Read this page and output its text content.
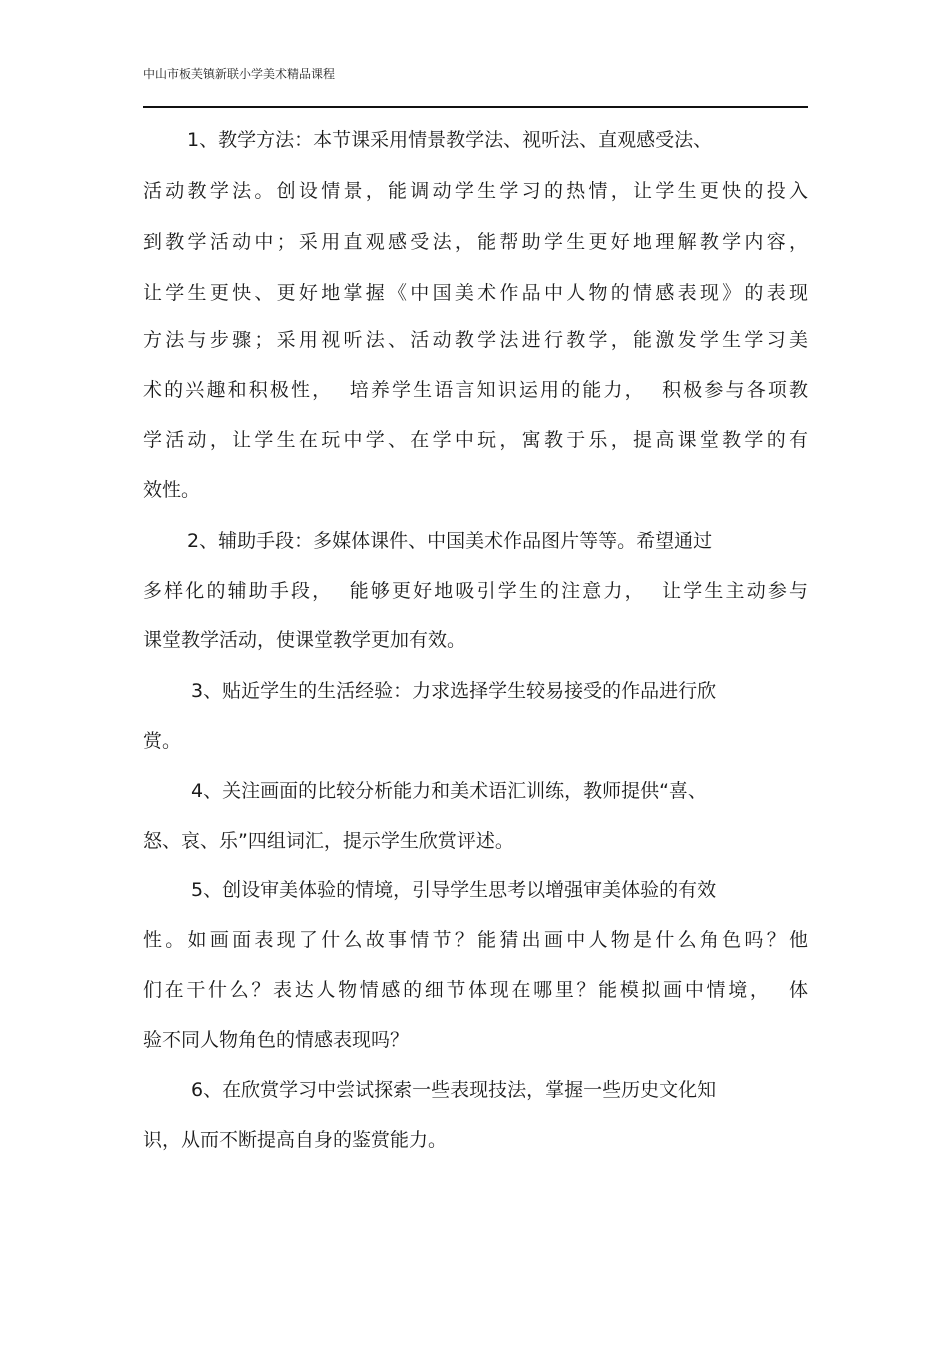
中山市板芙镇新联小学美术精品课程
1、教学方法：本节课采用情景教学法、视听法、直观感受法、
活动教学法。创设情景，能调动学生学习的热情，让学生更快的投入
到教学活动中；采用直观感受法，能帮助学生更好地理解教学内容，
让学生更快、更好地掌握《中国美术作品中人物的情感表现》的表现
方法与步骤；采用视听法、活动教学法进行教学，能激发学生学习美
术的兴趣和积极性，  培养学生语言知识运用的能力，  积极参与各项教
学活动，让学生在玩中学、在学中玩，寓教于乐，提高课堂教学的有
效性。
2、辅助手段：多媒体课件、中国美术作品图片等等。希望通过
多样化的辅助手段，  能够更好地吸引学生的注意力，  让学生主动参与
课堂教学活动，使课堂教学更加有效。
3、贴近学生的生活经验：力求选择学生较易接受的作品进行欣
赏。
4、关注画面的比较分析能力和美术语汇训练，教师提供“喜、
怒、哀、乐”四组词汇，提示学生欣赏评述。
5、创设审美体验的情境，引导学生思考以增强审美体验的有效
性。如画面表现了什么故事情节？能猜出画中人物是什么角色吗？他
们在干什么？表达人物情感的细节体现在哪里？能模拟画中情境，  体
验不同人物角色的情感表现吗？
6、在欣赏学习中尝试探索一些表现技法，掌握一些历史文化知
识，从而不断提高自身的鉴赏能力。
